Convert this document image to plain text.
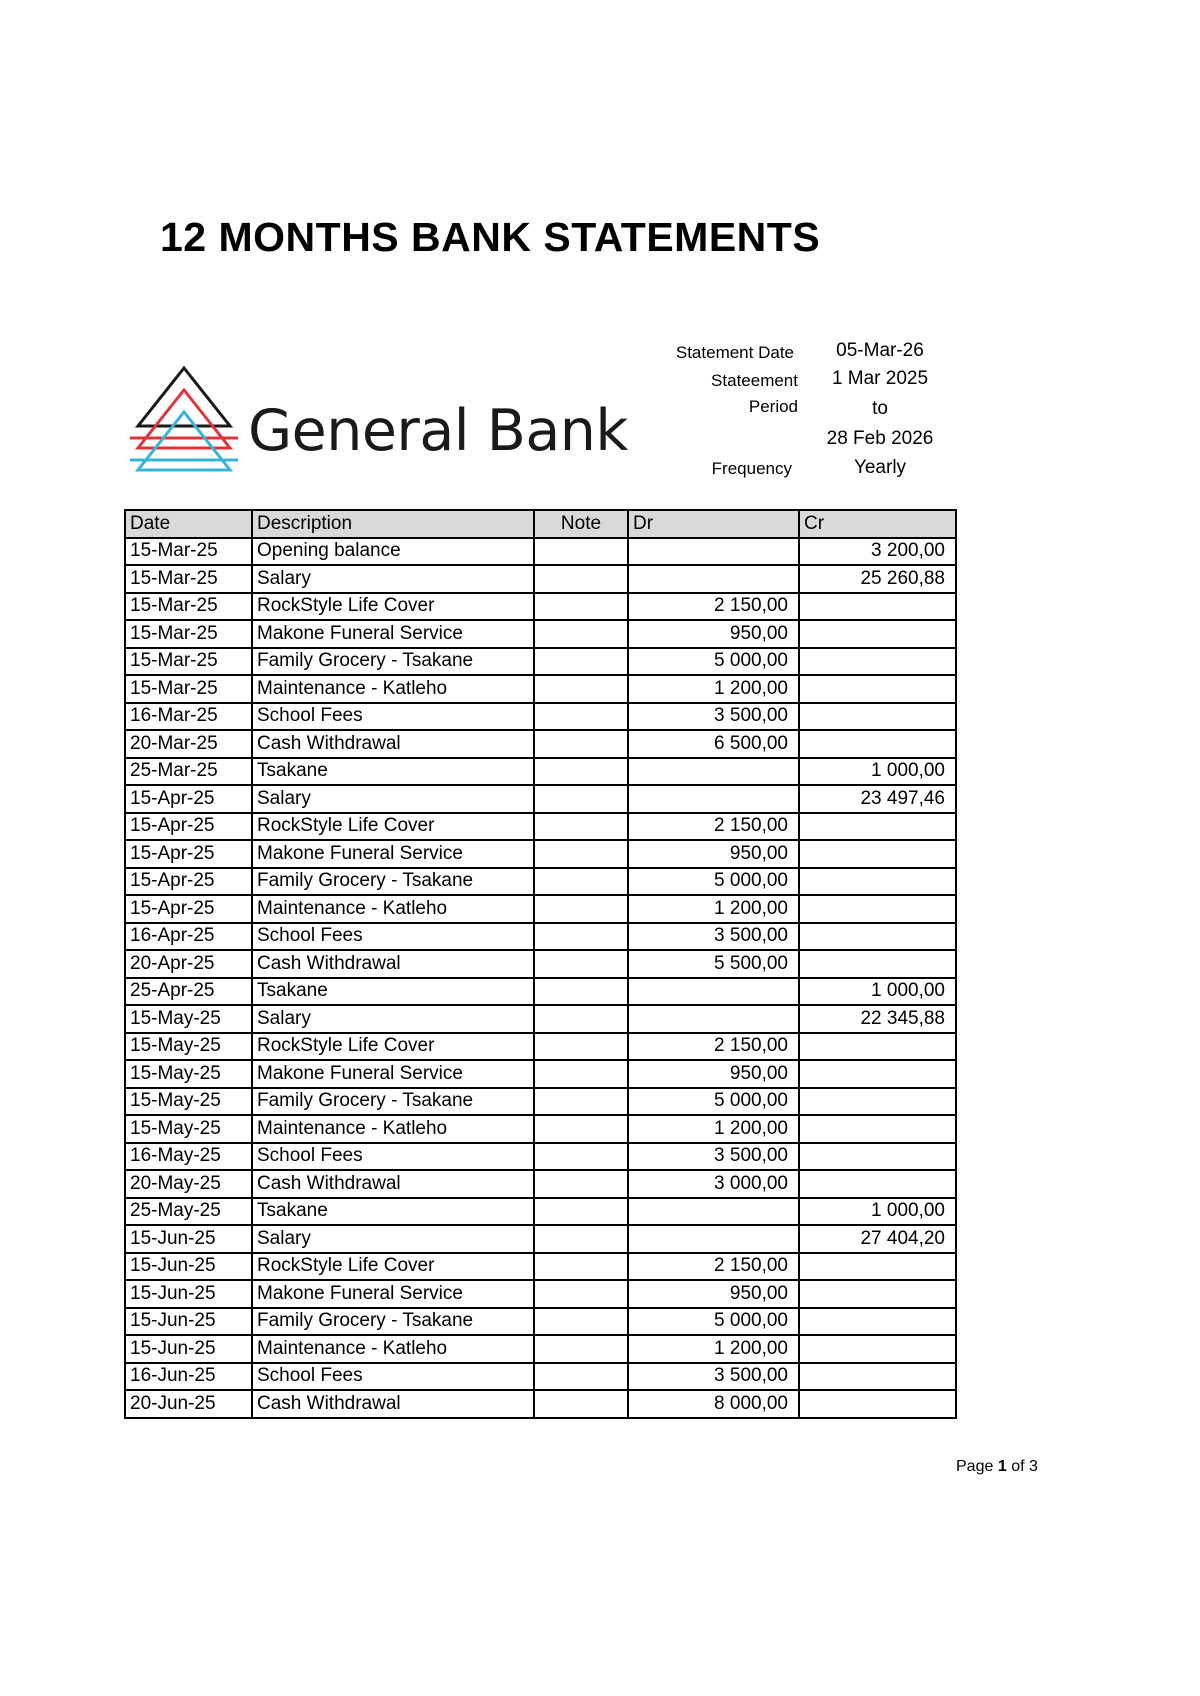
12 MONTHS BANK STATEMENTS
General Bank
Statement Date	05-Mar-26
Stateement	1 Mar 2025
Period	to
28 Feb 2026
Frequency	Yearly
Date	Description	Note	Dr	Cr
15-Mar-25	Opening balance			3 200,00
15-Mar-25	Salary			25 260,88
15-Mar-25	RockStyle Life Cover		2 150,00	
15-Mar-25	Makone Funeral Service		950,00	
15-Mar-25	Family Grocery - Tsakane		5 000,00	
15-Mar-25	Maintenance - Katleho		1 200,00	
16-Mar-25	School Fees		3 500,00	
20-Mar-25	Cash Withdrawal		6 500,00	
25-Mar-25	Tsakane			1 000,00
15-Apr-25	Salary			23 497,46
15-Apr-25	RockStyle Life Cover		2 150,00	
15-Apr-25	Makone Funeral Service		950,00	
15-Apr-25	Family Grocery - Tsakane		5 000,00	
15-Apr-25	Maintenance - Katleho		1 200,00	
16-Apr-25	School Fees		3 500,00	
20-Apr-25	Cash Withdrawal		5 500,00	
25-Apr-25	Tsakane			1 000,00
15-May-25	Salary			22 345,88
15-May-25	RockStyle Life Cover		2 150,00	
15-May-25	Makone Funeral Service		950,00	
15-May-25	Family Grocery - Tsakane		5 000,00	
15-May-25	Maintenance - Katleho		1 200,00	
16-May-25	School Fees		3 500,00	
20-May-25	Cash Withdrawal		3 000,00	
25-May-25	Tsakane			1 000,00
15-Jun-25	Salary			27 404,20
15-Jun-25	RockStyle Life Cover		2 150,00	
15-Jun-25	Makone Funeral Service		950,00	
15-Jun-25	Family Grocery - Tsakane		5 000,00	
15-Jun-25	Maintenance - Katleho		1 200,00	
16-Jun-25	School Fees		3 500,00	
20-Jun-25	Cash Withdrawal		8 000,00	
Page 1 of 3
